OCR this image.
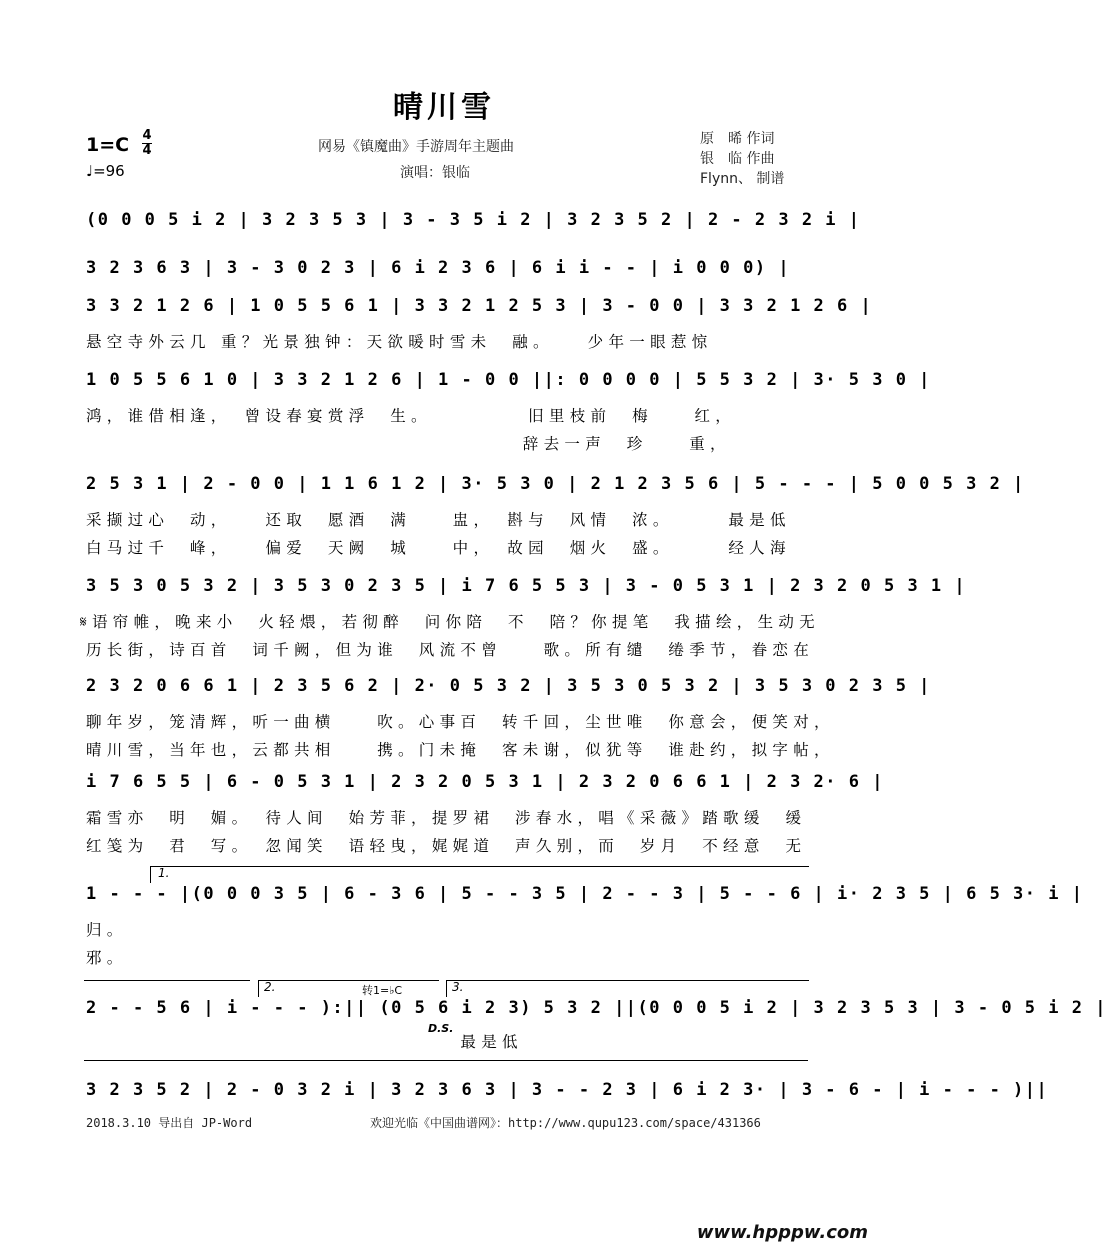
晴川雪
1=C 4
4
♩=96
网易《镇魔曲》手游周年主题曲
演唱：银临
原　晞 作词
银　临 作曲
Flynn、 制谱
(0 0 0 5 i 2 | 3 2 3 5 3 | 3 - 3 5 i 2 | 3 2 3 5 2 | 2 - 2 3 2 i |
3 2 3 6 3 | 3 - 3 0 2 3 | 6 i 2 3 6 | 6 i i - - | i 0 0 0) |
3 3 2 1 2 6 | 1 0 5 5 6 1 | 3 3 2 1 2 5 3 | 3 - 0 0 | 3 3 2 1 2 6 |
悬空寺外云几 重？光景独钟：天欲暖时雪未　融。　　少年一眼惹惊
1 0 5 5 6 1 0 | 3 3 2 1 2 6 | 1 - 0 0 ||: 0 0 0 0 | 5 5 3 2 | 3· 5 3 0 |
鸿，谁借相逢，　曾设春宴赏浮　生。　　　　　旧里枝前　梅　　红，
　　　　　　　　　　　　　　　　　　　　　辞去一声　珍　　重，
2 5 3 1 | 2 - 0 0 | 1 1 6 1 2 | 3· 5 3 0 | 2 1 2 3 5 6 | 5 - - - | 5 0 0 5 3 2 |
采撷过心　动，　　还取　愿酒　满　　盅，　斟与　风情　浓。　　　最是低
白马过千　峰，　　偏爱　天阙　城　　中，　故园　烟火　盛。　　　经人海
3 5 3 0 5 3 2 | 3 5 3 0 2 3 5 | i 7 6 5 5 3 | 3 - 0 5 3 1 | 2 3 2 0 5 3 1 |
𝄋语帘帷，晚来小　火轻煨，若彻醉　问你陪　不　陪？你提笔　我描绘，生动无
历长街，诗百首　词千阙，但为谁　风流不曾　　歌。所有缱　绻季节，眷恋在
2 3 2 0 6 6 1 | 2 3 5 6 2 | 2· 0 5 3 2 | 3 5 3 0 5 3 2 | 3 5 3 0 2 3 5 |
聊年岁，笼清辉，听一曲横　　吹。心事百　转千回，尘世唯　你意会，便笑对，
晴川雪，当年也，云都共相　　携。门未掩　客未谢，似犹等　谁赴约，拟字帖，
i 7 6 5 5 | 6 - 0 5 3 1 | 2 3 2 0 5 3 1 | 2 3 2 0 6 6 1 | 2 3 2· 6 |
霜雪亦　明　媚。　待人间　始芳菲，提罗裙　涉春水，唱《采薇》踏歌缓　缓
红笺为　君　写。　忽闻笑　语轻曳，娓娓道　声久别，而　岁月　不经意　无
1.
1 - - - |(0 0 0 3 5 | 6 - 3 6 | 5 - - 3 5 | 2 - - 3 | 5 - - 6 | i· 2 3 5 | 6 5 3· i |
归。
邪。
2.	3.
转1=♭C
2 - - 5 6 | i - - - ):|| (0 5 6 i 2 3) 5 3 2 ||(0 0 0 5 i 2 | 3 2 3 5 3 | 3 - 0 5 i 2 |
　　　　　　　　　　　　　　　　　　最是低
D.S.
3 2 3 5 2 | 2 - 0 3 2 i | 3 2 3 6 3 | 3 - - 2 3 | 6 i 2 3· | 3 - 6 - | i - - - )||
2018.3.10 导出自 JP-Word	欢迎光临《中国曲谱网》：http://www.qupu123.com/space/431366
www.hpppw.com
